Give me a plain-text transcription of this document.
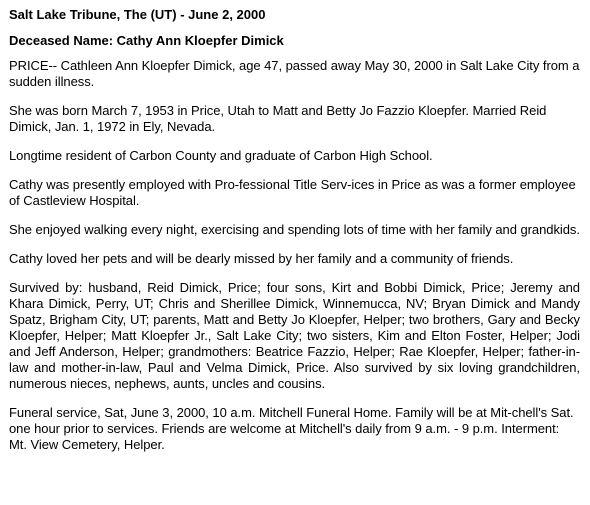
Salt Lake Tribune, The (UT) - June 2, 2000
Deceased Name: Cathy Ann Kloepfer Dimick

PRICE-- Cathleen Ann Kloepfer Dimick, age 47, passed away May 30, 2000 in Salt Lake City from a sudden illness.

She was born March 7, 1953 in Price, Utah to Matt and Betty Jo Fazzio Kloepfer. Married Reid Dimick, Jan. 1, 1972 in Ely, Nevada.

Longtime resident of Carbon County and graduate of Carbon High School.

Cathy was presently employed with Pro-fessional Title Serv-ices in Price as was a former employee of Castleview Hospital.

She enjoyed walking every night, exercising and spending lots of time with her family and grandkids.

Cathy loved her pets and will be dearly missed by her family and a community of friends.

Survived by: husband, Reid Dimick, Price; four sons, Kirt and Bobbi Dimick, Price; Jeremy and Khara Dimick, Perry, UT; Chris and Sherillee Dimick, Winnemucca, NV; Bryan Dimick and Mandy Spatz, Brigham City, UT; parents, Matt and Betty Jo Kloepfer, Helper; two brothers, Gary and Becky Kloepfer, Helper; Matt Kloepfer Jr., Salt Lake City; two sisters, Kim and Elton Foster, Helper; Jodi and Jeff Anderson, Helper; grandmothers: Beatrice Fazzio, Helper; Rae Kloepfer, Helper; father-in-law and mother-in-law, Paul and Velma Dimick, Price. Also survived by six loving grandchildren, numerous nieces, nephews, aunts, uncles and cousins.

Funeral service, Sat, June 3, 2000, 10 a.m. Mitchell Funeral Home. Family will be at Mit-chell's Sat. one hour prior to services. Friends are welcome at Mitchell's daily from 9 a.m. - 9 p.m. Interment: Mt. View Cemetery, Helper.
